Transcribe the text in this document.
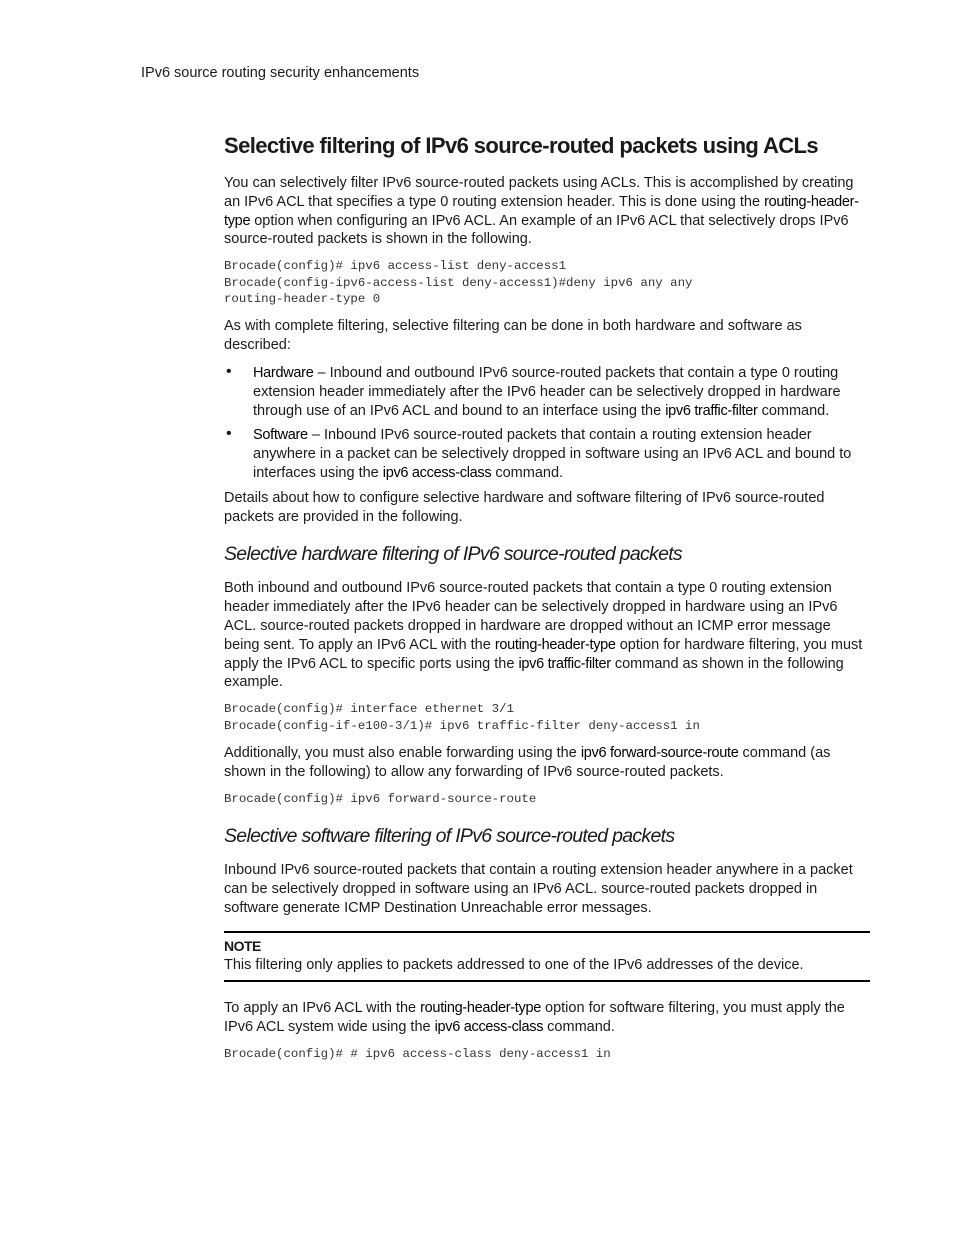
IPv6 source routing security enhancements
Selective filtering of IPv6 source-routed packets using ACLs

You can selectively filter IPv6 source-routed packets using ACLs. This is accomplished by creating an IPv6 ACL that specifies a type 0 routing extension header. This is done using the routing-header-type option when configuring an IPv6 ACL. An example of an IPv6 ACL that selectively drops IPv6 source-routed packets is shown in the following.

Brocade(config)# ipv6 access-list deny-access1
Brocade(config-ipv6-access-list deny-access1)#deny ipv6 any any
routing-header-type 0

As with complete filtering, selective filtering can be done in both hardware and software as described:

• Hardware – Inbound and outbound IPv6 source-routed packets that contain a type 0 routing extension header immediately after the IPv6 header can be selectively dropped in hardware through use of an IPv6 ACL and bound to an interface using the ipv6 traffic-filter command.
• Software – Inbound IPv6 source-routed packets that contain a routing extension header anywhere in a packet can be selectively dropped in software using an IPv6 ACL and bound to interfaces using the ipv6 access-class command.

Details about how to configure selective hardware and software filtering of IPv6 source-routed packets are provided in the following.

Selective hardware filtering of IPv6 source-routed packets

Both inbound and outbound IPv6 source-routed packets that contain a type 0 routing extension header immediately after the IPv6 header can be selectively dropped in hardware using an IPv6 ACL. source-routed packets dropped in hardware are dropped without an ICMP error message being sent. To apply an IPv6 ACL with the routing-header-type option for hardware filtering, you must apply the IPv6 ACL to specific ports using the ipv6 traffic-filter command as shown in the following example.

Brocade(config)# interface ethernet 3/1
Brocade(config-if-e100-3/1)# ipv6 traffic-filter deny-access1 in

Additionally, you must also enable forwarding using the ipv6 forward-source-route command (as shown in the following) to allow any forwarding of IPv6 source-routed packets.

Brocade(config)# ipv6 forward-source-route
Selective software filtering of IPv6 source-routed packets

Inbound IPv6 source-routed packets that contain a routing extension header anywhere in a packet can be selectively dropped in software using an IPv6 ACL. source-routed packets dropped in software generate ICMP Destination Unreachable error messages.

NOTE
This filtering only applies to packets addressed to one of the IPv6 addresses of the device.

To apply an IPv6 ACL with the routing-header-type option for software filtering, you must apply the IPv6 ACL system wide using the ipv6 access-class command.

Brocade(config)# # ipv6 access-class deny-access1 in
